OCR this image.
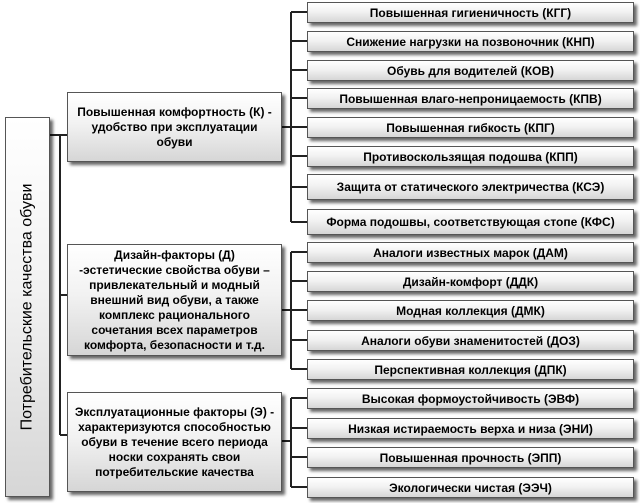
Потребительские качества обуви
Повышенная комфортность (К) - удобство при эксплуатации обуви
Дизайн-факторы (Д) -эстетические свойства обуви –привлекательный и модный внешний вид обуви, а также комплекс рационального сочетания всех параметров комфорта, безопасности и т.д.
Эксплуатационные факторы (Э) - характеризуются способностью обуви в течение всего периода носки сохранять свои потребительские качества
Повышенная гигиеничность (КГГ)
Снижение нагрузки на позвоночник (КНП)
Обувь для водителей (КОВ)
Повышенная влаго-непроницаемость (КПВ)
Повышенная гибкость (КПГ)
Противоскользящая подошва (КПП)
Защита от статического электричества (КСЭ)
Форма подошвы, соответствующая стопе (КФС)
Аналоги известных марок (ДАМ)
Дизайн-комфорт (ДДК)
Модная коллекция (ДМК)
Аналоги обуви знаменитостей (ДОЗ)
Перспективная коллекция (ДПК)
Высокая формоустойчивость (ЭВФ)
Низкая истираемость верха и низа (ЭНИ)
Повышенная прочность (ЭПП)
Экологически чистая (ЭЭЧ)
